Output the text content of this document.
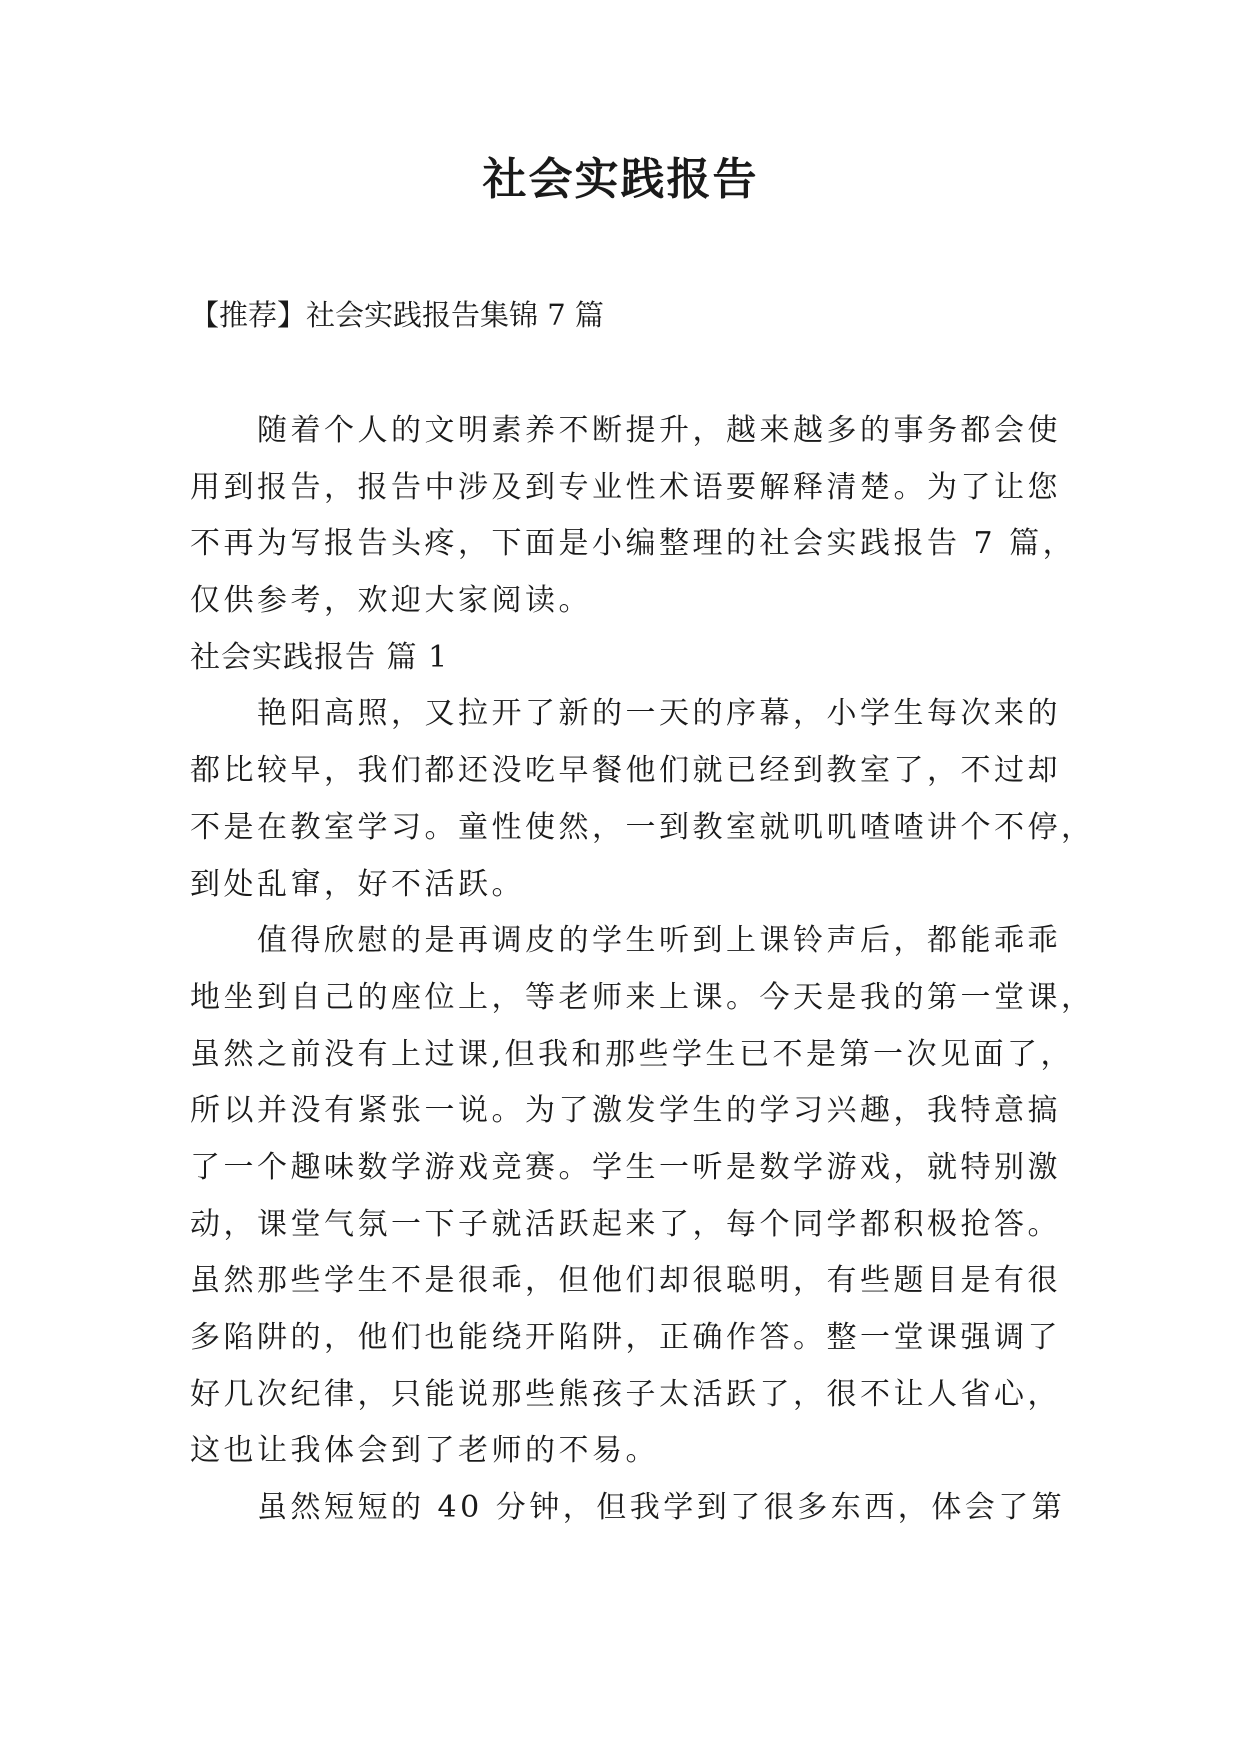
社会实践报告
【推荐】社会实践报告集锦 7 篇
随着个人的文明素养不断提升，越来越多的事务都会使
用到报告，报告中涉及到专业性术语要解释清楚。为了让您
不再为写报告头疼，下面是小编整理的社会实践报告 7 篇，
仅供参考，欢迎大家阅读。
社会实践报告 篇 1
艳阳高照，又拉开了新的一天的序幕，小学生每次来的
都比较早，我们都还没吃早餐他们就已经到教室了，不过却
不是在教室学习。童性使然，一到教室就叽叽喳喳讲个不停，
到处乱窜，好不活跃。
值得欣慰的是再调皮的学生听到上课铃声后，都能乖乖
地坐到自己的座位上，等老师来上课。今天是我的第一堂课，
虽然之前没有上过课,但我和那些学生已不是第一次见面了，
所以并没有紧张一说。为了激发学生的学习兴趣，我特意搞
了一个趣味数学游戏竞赛。学生一听是数学游戏，就特别激
动，课堂气氛一下子就活跃起来了，每个同学都积极抢答。
虽然那些学生不是很乖，但他们却很聪明，有些题目是有很
多陷阱的，他们也能绕开陷阱，正确作答。整一堂课强调了
好几次纪律，只能说那些熊孩子太活跃了，很不让人省心，
这也让我体会到了老师的不易。
虽然短短的 40 分钟，但我学到了很多东西，体会了第
